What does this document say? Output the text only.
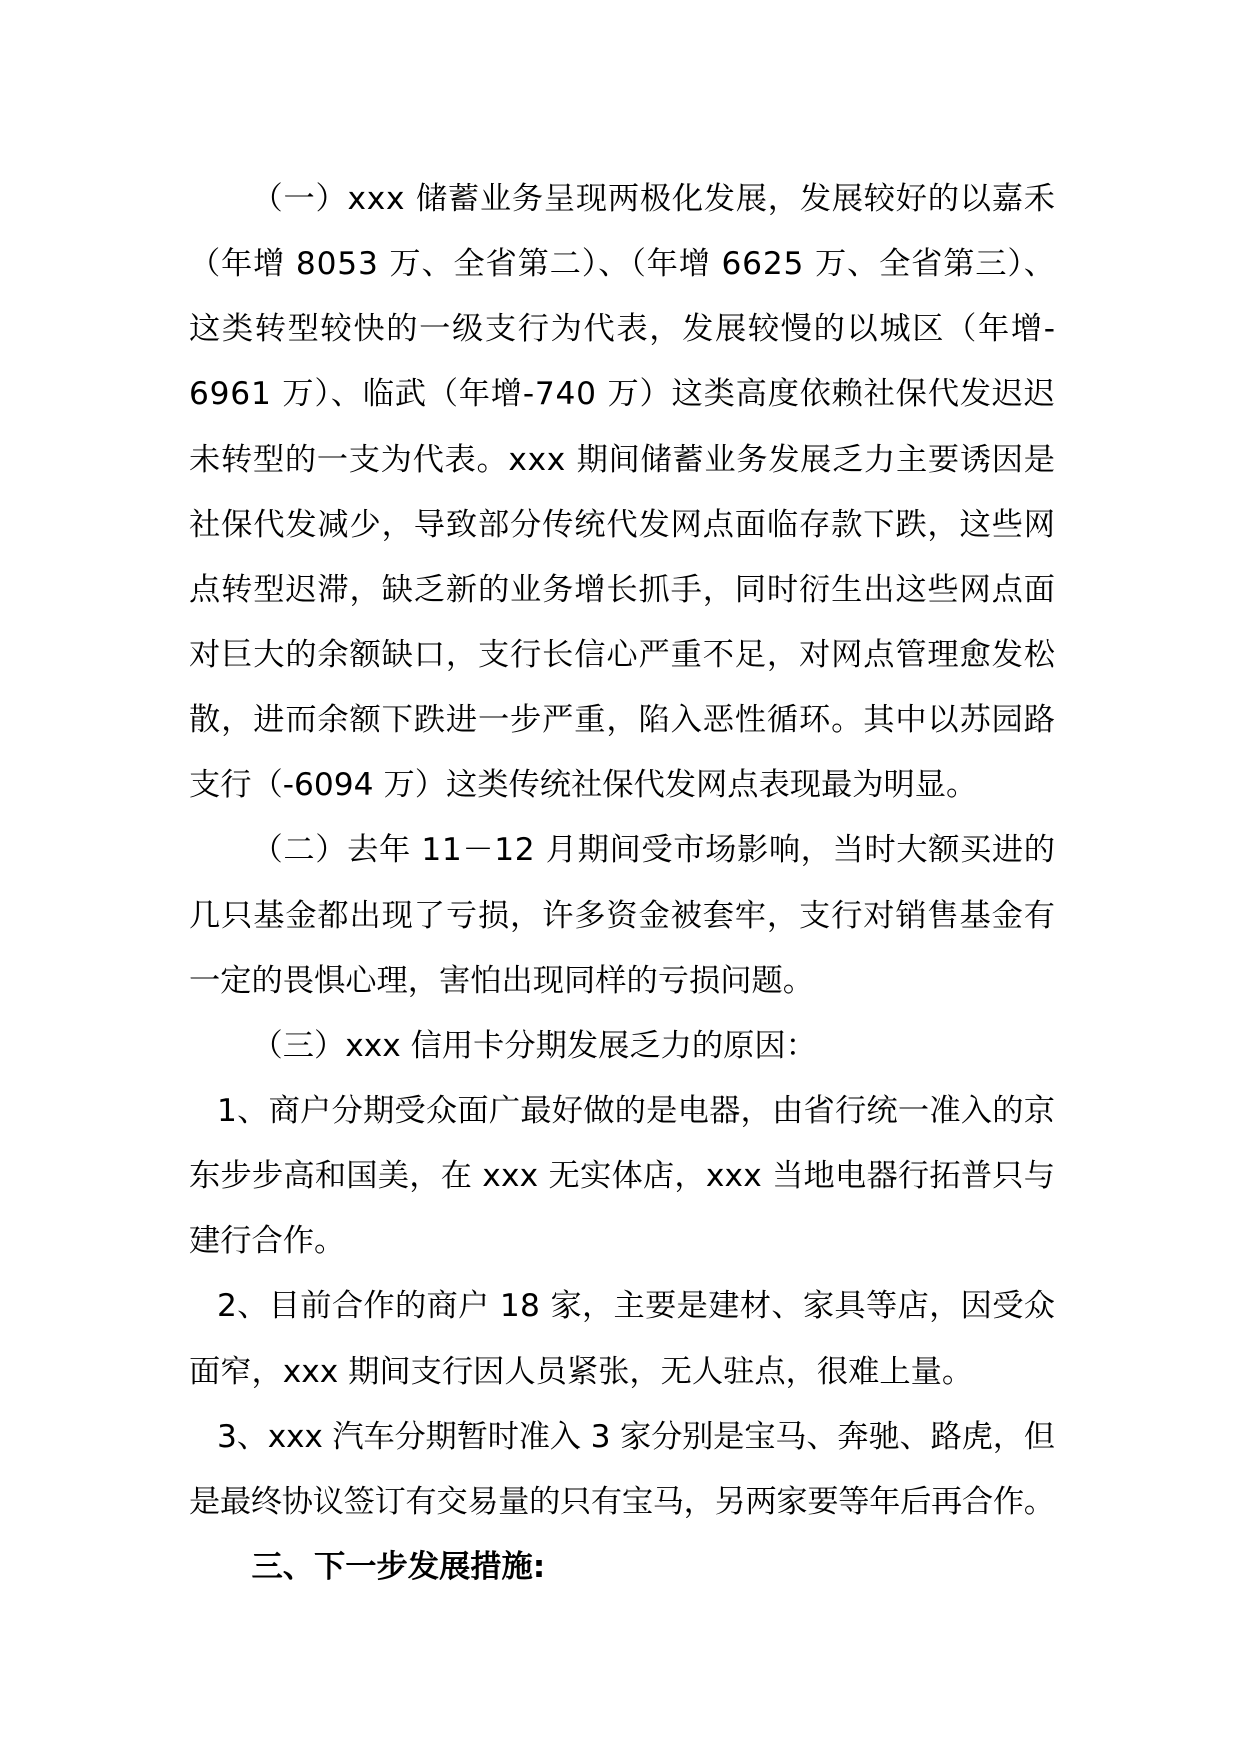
（一）xxx 储蓄业务呈现两极化发展，发展较好的以嘉禾
（年增 8053 万、全省第二）、（年增 6625 万、全省第三）、
这类转型较快的一级支行为代表，发展较慢的以城区（年增-
6961 万）、临武（年增-740 万）这类高度依赖社保代发迟迟
未转型的一支为代表。xxx 期间储蓄业务发展乏力主要诱因是
社保代发减少，导致部分传统代发网点面临存款下跌，这些网
点转型迟滞，缺乏新的业务增长抓手，同时衍生出这些网点面
对巨大的余额缺口，支行长信心严重不足，对网点管理愈发松
散，进而余额下跌进一步严重，陷入恶性循环。其中以苏园路
支行（-6094 万）这类传统社保代发网点表现最为明显。
（二）去年 11－12 月期间受市场影响，当时大额买进的
几只基金都出现了亏损，许多资金被套牢，支行对销售基金有
一定的畏惧心理，害怕出现同样的亏损问题。
（三）xxx 信用卡分期发展乏力的原因：
1、商户分期受众面广最好做的是电器，由省行统一准入的京
东步步高和国美，在 xxx 无实体店，xxx 当地电器行拓普只与
建行合作。
2、目前合作的商户 18 家，主要是建材、家具等店，因受众
面窄，xxx 期间支行因人员紧张，无人驻点，很难上量。
3、xxx 汽车分期暂时准入 3 家分别是宝马、奔驰、路虎，但
是最终协议签订有交易量的只有宝马，另两家要等年后再合作。
三、下一步发展措施:
